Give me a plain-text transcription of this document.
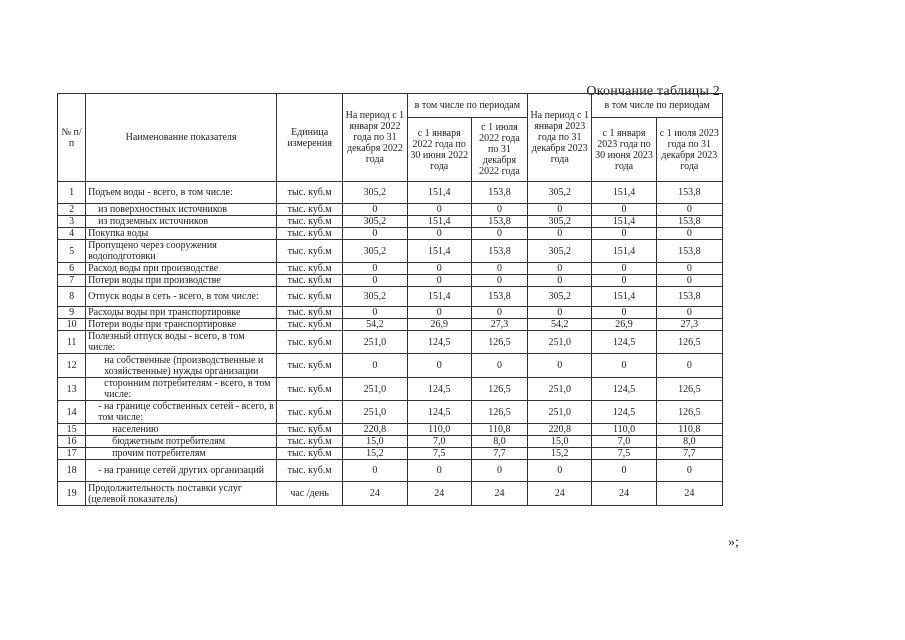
Окончание таблицы 2
№ п/п	Наименование показателя	Единица измерения	На период с 1 января 2022 года по 31 декабря 2022 года	в том числе по периодам		На период с 1 января 2023 года по 31 декабря 2023 года	в том числе по периодам	
				с 1 января 2022 года по 30 июня 2022 года	с 1 июля 2022 года по 31 декабря 2022 года		с 1 января 2023 года по 30 июня 2023 года	с 1 июля 2023 года по 31 декабря 2023 года
1	Подъем воды - всего, в том числе:	тыс. куб.м	305,2	151,4	153,8	305,2	151,4	153,8
2	из поверхностных источников	тыс. куб.м	0	0	0	0	0	0
3	из подземных источников	тыс. куб.м	305,2	151,4	153,8	305,2	151,4	153,8
4	Покупка воды	тыс. куб.м	0	0	0	0	0	0
5	Пропущено через сооружения водоподготовки	тыс. куб.м	305,2	151,4	153,8	305,2	151,4	153,8
6	Расход воды при производстве	тыс. куб.м	0	0	0	0	0	0
7	Потери воды при производстве	тыс. куб.м	0	0	0	0	0	0
8	Отпуск воды в сеть - всего, в том числе:	тыс. куб.м	305,2	151,4	153,8	305,2	151,4	153,8
9	Расходы воды при транспортировке	тыс. куб.м	0	0	0	0	0	0
10	Потери воды при транспортировке	тыс. куб.м	54,2	26,9	27,3	54,2	26,9	27,3
11	Полезный отпуск воды - всего, в том числе:	тыс. куб.м	251,0	124,5	126,5	251,0	124,5	126,5
12	на собственные (производственные и хозяйственные) нужды организации	тыс. куб.м	0	0	0	0	0	0
13	сторонним потребителям - всего, в том числе:	тыс. куб.м	251,0	124,5	126,5	251,0	124,5	126,5
14	- на границе собственных сетей - всего, в том числе:	тыс. куб.м	251,0	124,5	126,5	251,0	124,5	126,5
15	населению	тыс. куб.м	220,8	110,0	110,8	220,8	110,0	110,8
16	бюджетным потребителям	тыс. куб.м	15,0	7,0	8,0	15,0	7,0	8,0
17	прочим потребителям	тыс. куб.м	15,2	7,5	7,7	15,2	7,5	7,7
18	- на границе сетей других организаций	тыс. куб.м	0	0	0	0	0	0
19	Продолжительность поставки услуг (целевой показатель)	час /день	24	24	24	24	24	24
»;
